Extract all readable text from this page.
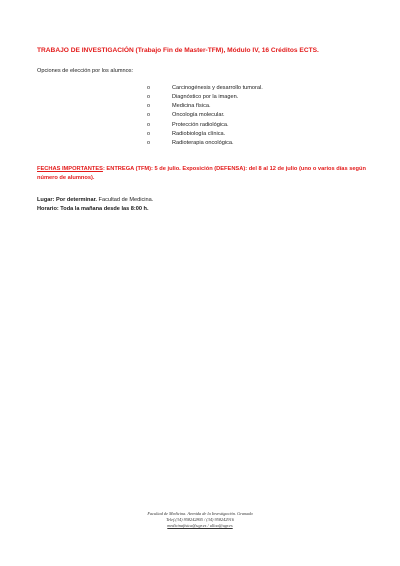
TRABAJO DE INVESTIGACIÓN (Trabajo Fin de Master-TFM), Módulo IV, 16 Créditos ECTS.
Opciones de elección por los alumnos:
o	Carcinogénesis y desarrollo tumoral.
o	Diagnóstico por la imagen.
o	Medicina física.
o	Oncología molecular.
o	Protección radiológica.
o	Radiobiología clínica.
o	Radioterapia oncológica.
FECHAS IMPORTANTES: ENTREGA (TFM): 5 de julio. Exposición (DEFENSA): del 8 al 12 de julio (uno o varios días según número de alumnos).
Lugar: Por determinar. Facultad de Medicina.
Horario: Toda la mañana desde las 8:00 h.
Facultad de Medicina. Avenida de la Investigación. Granada
Telef.(34) 958242805 / (34) 958242916
medicinafisica@ugr.es / ulloa@ugr.es
